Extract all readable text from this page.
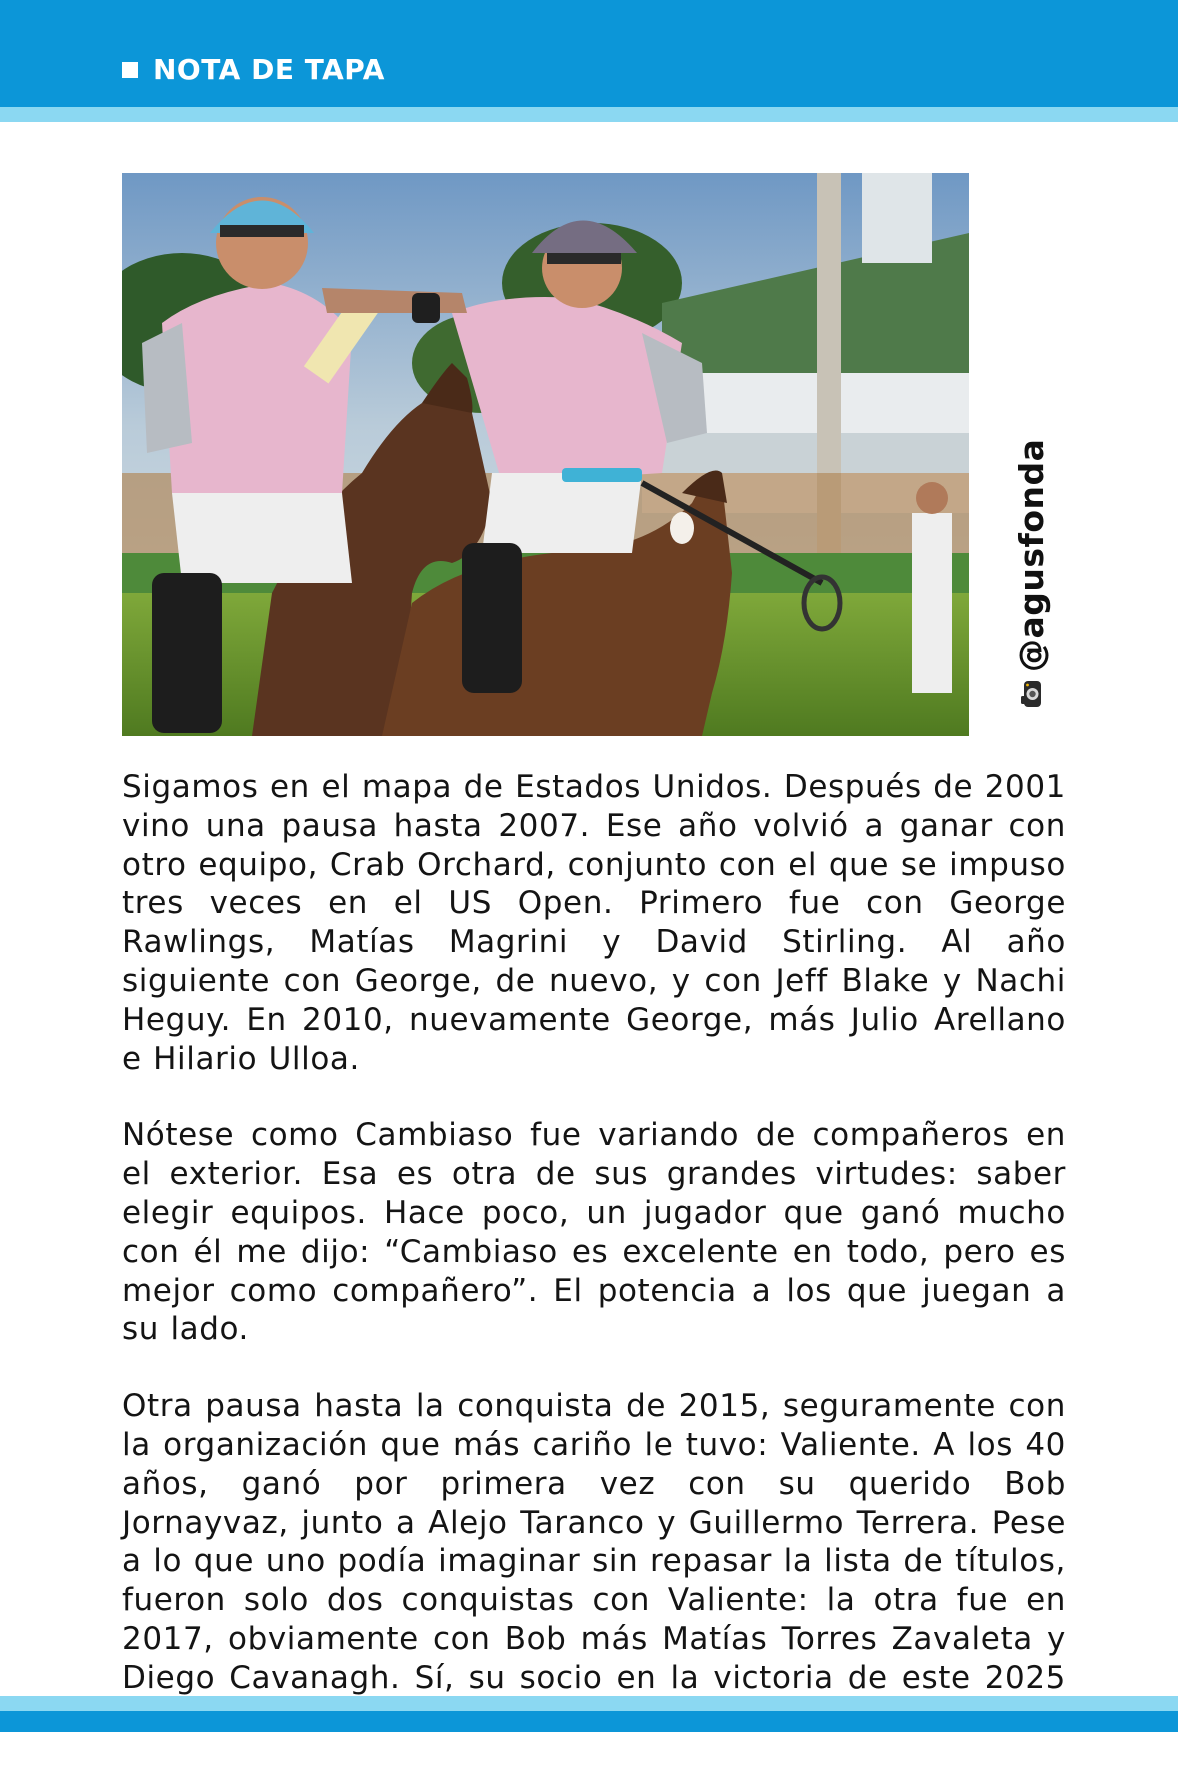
NOTA DE TAPA
@agusfonda

Sigamos en el mapa de Estados Unidos. Después de 2001 vino una pausa hasta 2007. Ese año volvió a ganar con otro equipo, Crab Orchard, conjunto con el que se impuso tres veces en el US Open. Primero fue con George Rawlings, Matías Magrini y David Stirling. Al año siguiente con George, de nuevo, y con Jeff Blake y Nachi Heguy. En 2010, nuevamente George, más Julio Arellano e Hilario Ulloa.

Nótese como Cambiaso fue variando de compañeros en el exterior. Esa es otra de sus grandes virtudes: saber elegir equipos. Hace poco, un jugador que ganó mucho con él me dijo: “Cambiaso es excelente en todo, pero es mejor como compañero”. El potencia a los que juegan a su lado.

Otra pausa hasta la conquista de 2015, seguramente con la organización que más cariño le tuvo: Valiente. A los 40 años, ganó por primera vez con su querido Bob Jornayvaz, junto a Alejo Taranco y Guillermo Terrera. Pese a lo que uno podía imaginar sin repasar la lista de títulos, fueron solo dos conquistas con Valiente: la otra fue en 2017, obviamente con Bob más Matías Torres Zavaleta y Diego Cavanagh. Sí, su socio en la victoria de este 2025
